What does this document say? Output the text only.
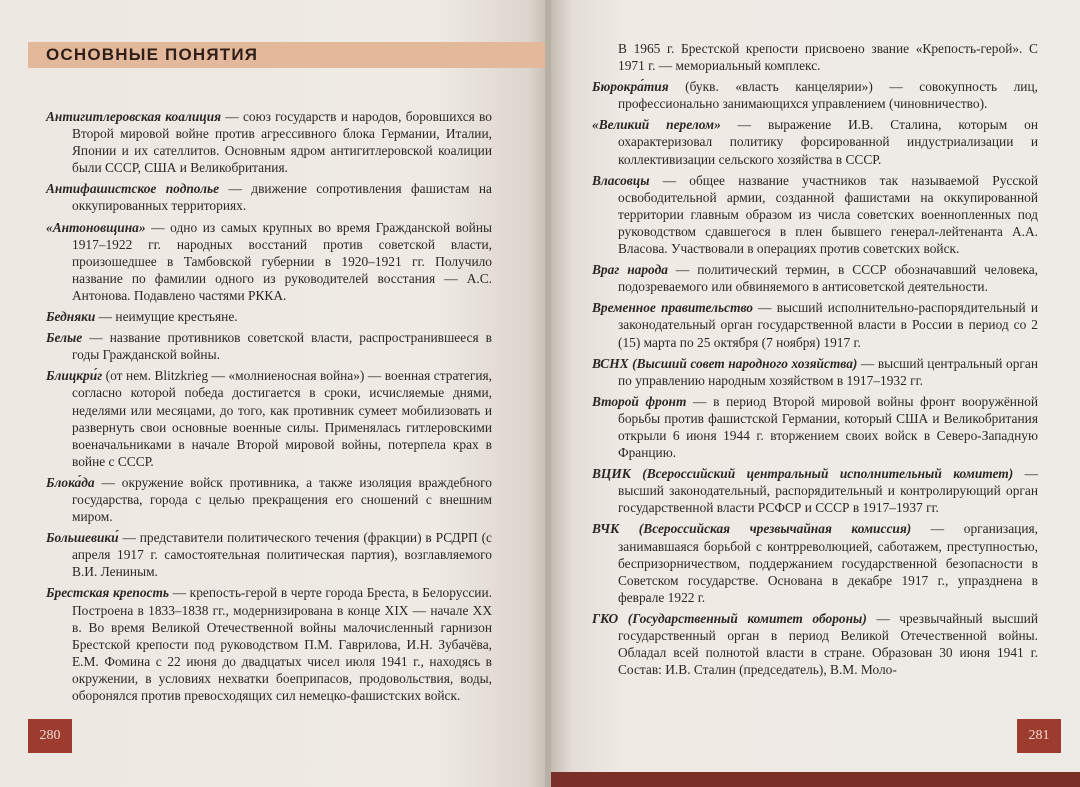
ОСНОВНЫЕ ПОНЯТИЯ

Антигитлеровская коалиция — союз государств и народов, боровшихся во Второй мировой войне против агрессивного блока Германии, Италии, Японии и их сателлитов. Основным ядром антигитлеровской коалиции были СССР, США и Великобритания.

Антифашистское подполье — движение сопротивления фашистам на оккупированных территориях.

«Антоновщина» — одно из самых крупных во время Гражданской войны 1917–1922 гг. народных восстаний против советской власти, произошедшее в Тамбовской губернии в 1920–1921 гг. Получило название по фамилии одного из руководителей восстания — А.С. Антонова. Подавлено частями РККА.

Бедняки — неимущие крестьяне.

Белые — название противников советской власти, распространившееся в годы Гражданской войны.

Блицкри́г (от нем. Blitzkrieg — «молниеносная война») — военная стратегия, согласно которой победа достигается в сроки, исчисляемые днями, неделями или месяцами, до того, как противник сумеет мобилизовать и развернуть свои основные военные силы. Применялась гитлеровскими военачальниками в начале Второй мировой войны, потерпела крах в войне с СССР.

Блока́да — окружение войск противника, а также изоляция враждебного государства, города с целью прекращения его сношений с внешним миром.

Большевики́ — представители политического течения (фракции) в РСДРП (с апреля 1917 г. самостоятельная политическая партия), возглавляемого В.И. Лениным.

Брестская крепость — крепость-герой в черте города Бреста, в Белоруссии. Построена в 1833–1838 гг., модернизирована в конце XIX — начале XX в. Во время Великой Отечественной войны малочисленный гарнизон Брестской крепости под руководством П.М. Гаврилова, И.Н. Зубачёва, Е.М. Фомина с 22 июня до двадцатых чисел июля 1941 г., находясь в окружении, в условиях нехватки боеприпасов, продовольствия, воды, оборонялся против превосходящих сил немецко-фашистских войск.

280

В 1965 г. Брестской крепости присвоено звание «Крепость-герой». С 1971 г. — мемориальный комплекс.

Бюрокра́тия (букв. «власть канцелярии») — совокупность лиц, профессионально занимающихся управлением (чиновничество).

«Великий перелом» — выражение И.В. Сталина, которым он охарактеризовал политику форсированной индустриализации и коллективизации сельского хозяйства в СССР.

Власовцы — общее название участников так называемой Русской освободительной армии, созданной фашистами на оккупированной территории главным образом из числа советских военнопленных под руководством сдавшегося в плен бывшего генерал-лейтенанта А.А. Власова. Участвовали в операциях против советских войск.

Враг народа — политический термин, в СССР обозначавший человека, подозреваемого или обвиняемого в антисоветской деятельности.

Временное правительство — высший исполнительно-распорядительный и законодательный орган государственной власти в России в период со 2 (15) марта по 25 октября (7 ноября) 1917 г.

ВСНХ (Высший совет народного хозяйства) — высший центральный орган по управлению народным хозяйством в 1917–1932 гг.

Второй фронт — в период Второй мировой войны фронт вооружённой борьбы против фашистской Германии, который США и Великобритания открыли 6 июня 1944 г. вторжением своих войск в Северо-Западную Францию.

ВЦИК (Всероссийский центральный исполнительный комитет) — высший законодательный, распорядительный и контролирующий орган государственной власти РСФСР и СССР в 1917–1937 гг.

ВЧК (Всероссийская чрезвычайная комиссия) — организация, занимавшаяся борьбой с контрреволюцией, саботажем, преступностью, беспризорничеством, поддержанием государственной безопасности в Советском государстве. Основана в декабре 1917 г., упразднена в феврале 1922 г.

ГКО (Государственный комитет обороны) — чрезвычайный высший государственный орган в период Великой Отечественной войны. Обладал всей полнотой власти в стране. Образован 30 июня 1941 г. Состав: И.В. Сталин (председатель), В.М. Моло-

281
